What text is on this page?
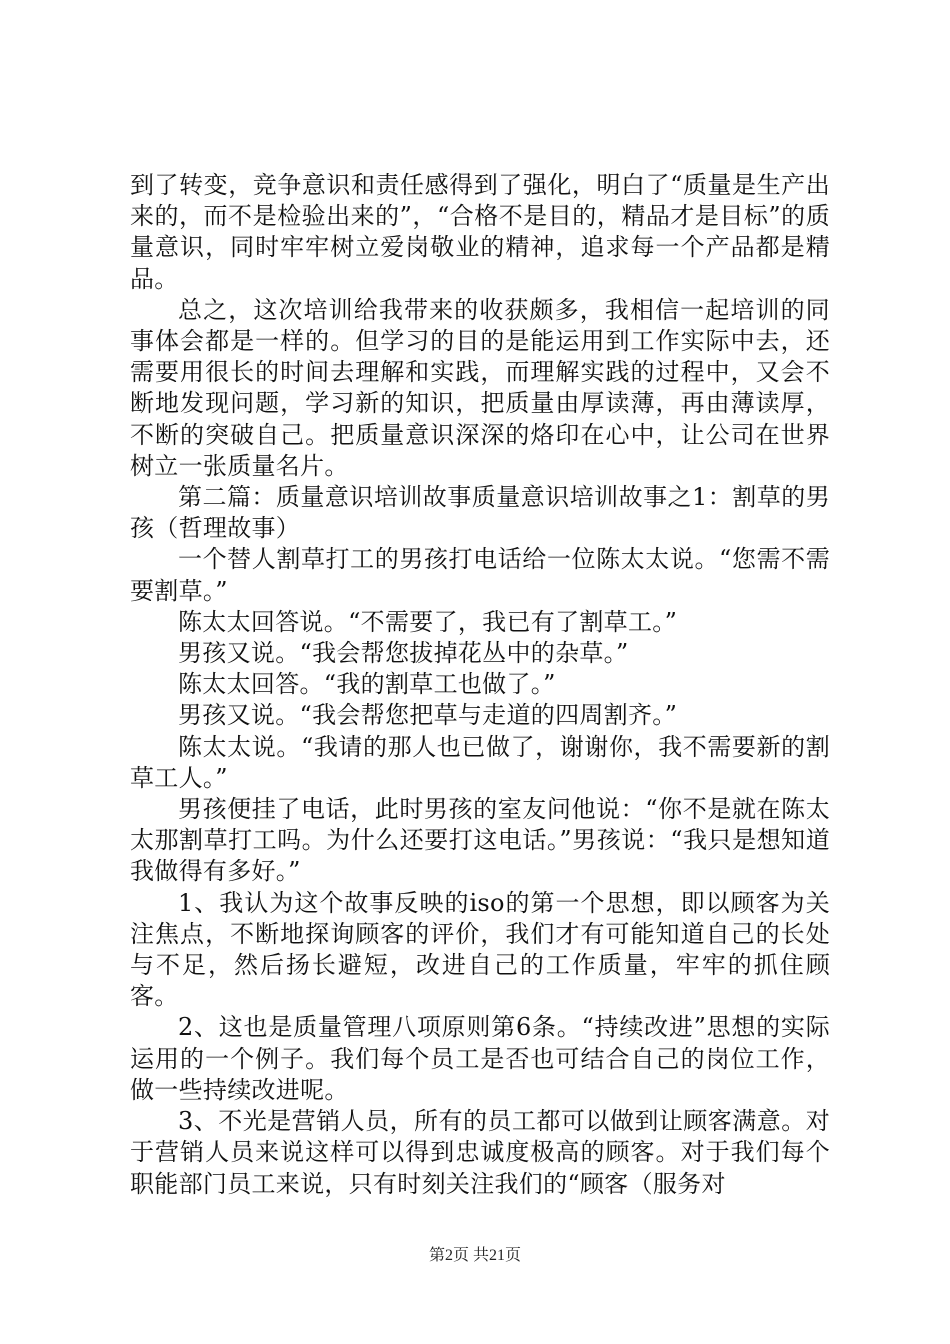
到了转变，竞争意识和责任感得到了强化，明白了“质量是生产出来的，而不是检验出来的”，“合格不是目的，精品才是目标”的质量意识，同时牢牢树立爱岗敬业的精神，追求每一个产品都是精品。

总之，这次培训给我带来的收获颇多，我相信一起培训的同事体会都是一样的。但学习的目的是能运用到工作实际中去，还需要用很长的时间去理解和实践，而理解实践的过程中，又会不断地发现问题，学习新的知识，把质量由厚读薄，再由薄读厚，不断的突破自己。把质量意识深深的烙印在心中，让公司在世界树立一张质量名片。

第二篇：质量意识培训故事质量意识培训故事之1：割草的男孩（哲理故事）

一个替人割草打工的男孩打电话给一位陈太太说。“您需不需要割草。”

陈太太回答说。“不需要了，我已有了割草工。”

男孩又说。“我会帮您拔掉花丛中的杂草。”

陈太太回答。“我的割草工也做了。”

男孩又说。“我会帮您把草与走道的四周割齐。”

陈太太说。“我请的那人也已做了，谢谢你，我不需要新的割草工人。”

男孩便挂了电话，此时男孩的室友问他说：“你不是就在陈太太那割草打工吗。为什么还要打这电话。”男孩说：“我只是想知道我做得有多好。”

1、我认为这个故事反映的iso的第一个思想，即以顾客为关注焦点，不断地探询顾客的评价，我们才有可能知道自己的长处与不足，然后扬长避短，改进自己的工作质量，牢牢的抓住顾客。

2、这也是质量管理八项原则第6条。“持续改进”思想的实际运用的一个例子。我们每个员工是否也可结合自己的岗位工作，做一些持续改进呢。

3、不光是营销人员，所有的员工都可以做到让顾客满意。对于营销人员来说这样可以得到忠诚度极高的顾客。对于我们每个职能部门员工来说，只有时刻关注我们的“顾客（服务对

第2页 共21页
